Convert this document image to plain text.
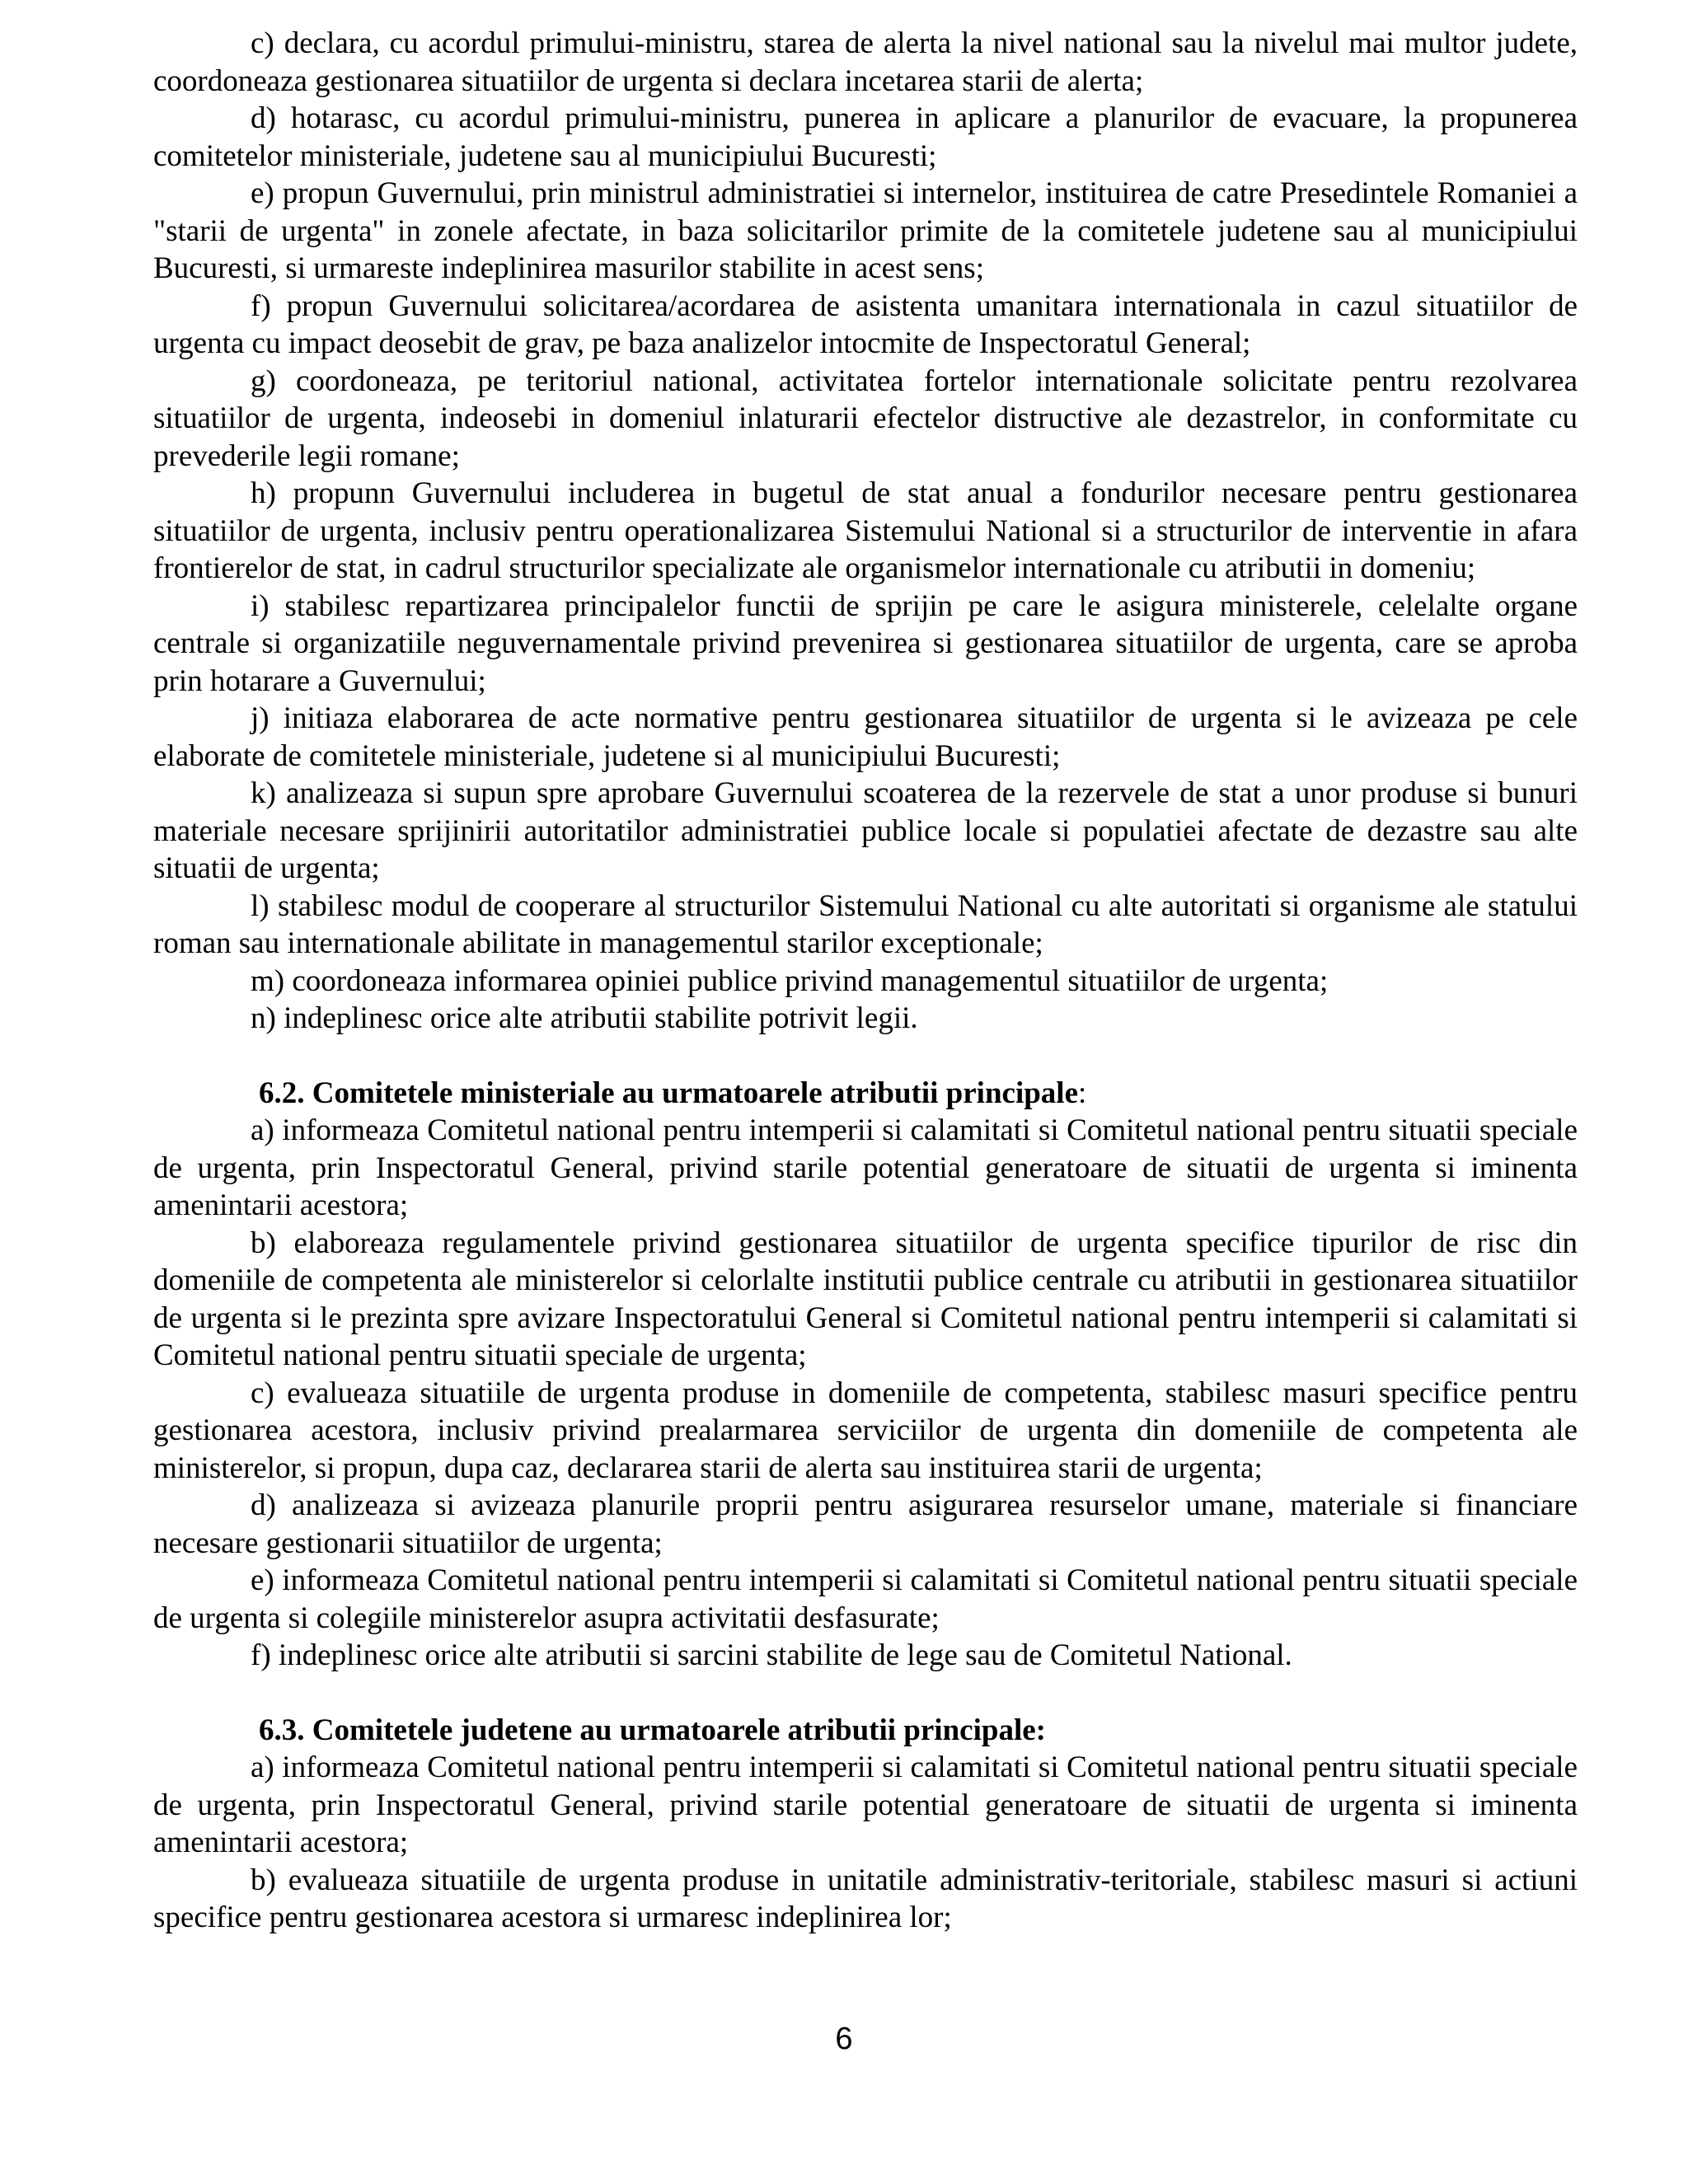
c) declara, cu acordul primului-ministru, starea de alerta la nivel national sau la nivelul mai multor judete, coordoneaza gestionarea situatiilor de urgenta si declara incetarea starii de alerta;

d) hotarasc, cu acordul primului-ministru, punerea in aplicare a planurilor de evacuare, la propunerea comitetelor ministeriale, judetene sau al municipiului Bucuresti;

e) propun Guvernului, prin ministrul administratiei si internelor, instituirea de catre Presedintele Romaniei a "starii de urgenta" in zonele afectate, in baza solicitarilor primite de la comitetele judetene sau al municipiului Bucuresti, si urmareste indeplinirea masurilor stabilite in acest sens;

f) propun Guvernului solicitarea/acordarea de asistenta umanitara internationala in cazul situatiilor de urgenta cu impact deosebit de grav, pe baza analizelor intocmite de Inspectoratul General;

g) coordoneaza, pe teritoriul national, activitatea fortelor internationale solicitate pentru rezolvarea situatiilor de urgenta, indeosebi in domeniul inlaturarii efectelor distructive ale dezastrelor, in conformitate cu prevederile legii romane;

h) propunn Guvernului includerea in bugetul de stat anual a fondurilor necesare pentru gestionarea situatiilor de urgenta, inclusiv pentru operationalizarea Sistemului National si a structurilor de interventie in afara frontierelor de stat, in cadrul structurilor specializate ale organismelor internationale cu atributii in domeniu;

i) stabilesc repartizarea principalelor functii de sprijin pe care le asigura ministerele, celelalte organe centrale si organizatiile neguvernamentale privind prevenirea si gestionarea situatiilor de urgenta, care se aproba prin hotarare a Guvernului;

j) initiaza elaborarea de acte normative pentru gestionarea situatiilor de urgenta si le avizeaza pe cele elaborate de comitetele ministeriale, judetene si al municipiului Bucuresti;

k) analizeaza si supun spre aprobare Guvernului scoaterea de la rezervele de stat a unor produse si bunuri materiale necesare sprijinirii autoritatilor administratiei publice locale si populatiei afectate de dezastre sau alte situatii de urgenta;

l) stabilesc modul de cooperare al structurilor Sistemului National cu alte autoritati si organisme ale statului roman sau internationale abilitate in managementul starilor exceptionale;

m) coordoneaza informarea opiniei publice privind managementul situatiilor de urgenta;

n) indeplinesc orice alte atributii stabilite potrivit legii.

6.2. Comitetele ministeriale au urmatoarele atributii principale:

a) informeaza Comitetul national pentru intemperii si calamitati si Comitetul national pentru situatii speciale de urgenta, prin Inspectoratul General, privind starile potential generatoare de situatii de urgenta si iminenta amenintarii acestora;

b) elaboreaza regulamentele privind gestionarea situatiilor de urgenta specifice tipurilor de risc din domeniile de competenta ale ministerelor si celorlalte institutii publice centrale cu atributii in gestionarea situatiilor de urgenta si le prezinta spre avizare Inspectoratului General si Comitetul national pentru intemperii si calamitati si Comitetul national pentru situatii speciale de urgenta;

c) evalueaza situatiile de urgenta produse in domeniile de competenta, stabilesc masuri specifice pentru gestionarea acestora, inclusiv privind prealarmarea serviciilor de urgenta din domeniile de competenta ale ministerelor, si propun, dupa caz, declararea starii de alerta sau instituirea starii de urgenta;

d) analizeaza si avizeaza planurile proprii pentru asigurarea resurselor umane, materiale si financiare necesare gestionarii situatiilor de urgenta;

e) informeaza Comitetul national pentru intemperii si calamitati si Comitetul national pentru situatii speciale de urgenta si colegiile ministerelor asupra activitatii desfasurate;

f) indeplinesc orice alte atributii si sarcini stabilite de lege sau de Comitetul National.

6.3. Comitetele judetene au urmatoarele atributii principale:

a) informeaza Comitetul national pentru intemperii si calamitati si Comitetul national pentru situatii speciale de urgenta, prin Inspectoratul General, privind starile potential generatoare de situatii de urgenta si iminenta amenintarii acestora;

b) evalueaza situatiile de urgenta produse in unitatile administrativ-teritoriale, stabilesc masuri si actiuni specifice pentru gestionarea acestora si urmaresc indeplinirea lor;

6
